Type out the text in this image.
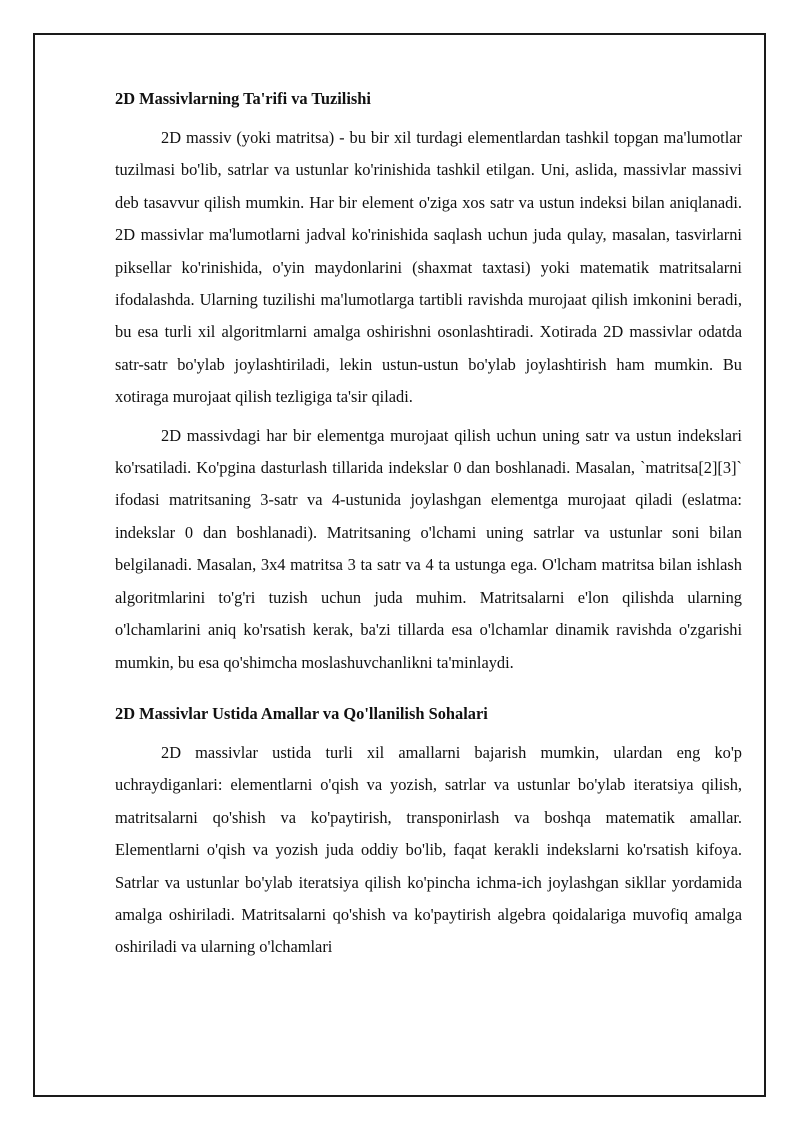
2D Massivlarning Ta'rifi va Tuzilishi

2D massiv (yoki matritsa) - bu bir xil turdagi elementlardan tashkil topgan ma'lumotlar tuzilmasi bo'lib, satrlar va ustunlar ko'rinishida tashkil etilgan. Uni, aslida, massivlar massivi deb tasavvur qilish mumkin. Har bir element o'ziga xos satr va ustun indeksi bilan aniqlanadi. 2D massivlar ma'lumotlarni jadval ko'rinishida saqlash uchun juda qulay, masalan, tasvirlarni piksellar ko'rinishida, o'yin maydonlarini (shaxmat taxtasi) yoki matematik matritsalarni ifodalashda. Ularning tuzilishi ma'lumotlarga tartibli ravishda murojaat qilish imkonini beradi, bu esa turli xil algoritmlarni amalga oshirishni osonlashtiradi. Xotirada 2D massivlar odatda satr-satr bo'ylab joylashtiriladi, lekin ustun-ustun bo'ylab joylashtirish ham mumkin. Bu xotiraga murojaat qilish tezligiga ta'sir qiladi.

2D massivdagi har bir elementga murojaat qilish uchun uning satr va ustun indekslari ko'rsatiladi. Ko'pgina dasturlash tillarida indekslar 0 dan boshlanadi. Masalan, `matritsa[2][3]` ifodasi matritsaning 3-satr va 4-ustunida joylashgan elementga murojaat qiladi (eslatma: indekslar 0 dan boshlanadi). Matritsaning o'lchami uning satrlar va ustunlar soni bilan belgilanadi. Masalan, 3x4 matritsa 3 ta satr va 4 ta ustunga ega. O'lcham matritsa bilan ishlash algoritmlarini to'g'ri tuzish uchun juda muhim. Matritsalarni e'lon qilishda ularning o'lchamlarini aniq ko'rsatish kerak, ba'zi tillarda esa o'lchamlar dinamik ravishda o'zgarishi mumkin, bu esa qo'shimcha moslashuvchanlikni ta'minlaydi.

2D Massivlar Ustida Amallar va Qo'llanilish Sohalari

2D massivlar ustida turli xil amallarni bajarish mumkin, ulardan eng ko'p uchraydiganlari: elementlarni o'qish va yozish, satrlar va ustunlar bo'ylab iteratsiya qilish, matritsalarni qo'shish va ko'paytirish, transponirlash va boshqa matematik amallar. Elementlarni o'qish va yozish juda oddiy bo'lib, faqat kerakli indekslarni ko'rsatish kifoya. Satrlar va ustunlar bo'ylab iteratsiya qilish ko'pincha ichma-ich joylashgan sikllar yordamida amalga oshiriladi. Matritsalarni qo'shish va ko'paytirish algebra qoidalariga muvofiq amalga oshiriladi va ularning o'lchamlari
